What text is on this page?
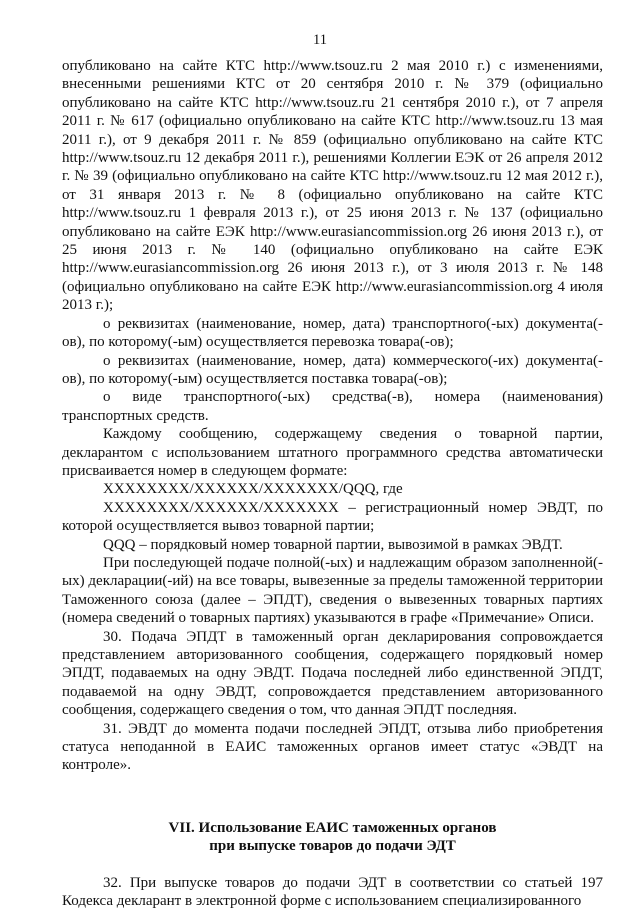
11

опубликовано на сайте КТС http://www.tsouz.ru 2 мая 2010 г.) с изменениями, внесенными решениями КТС от 20 сентября 2010 г. № 379 (официально опубликовано на сайте КТС http://www.tsouz.ru 21 сентября 2010 г.), от 7 апреля 2011 г. № 617 (официально опубликовано на сайте КТС http://www.tsouz.ru 13 мая 2011 г.), от 9 декабря 2011 г. № 859 (официально опубликовано на сайте КТС http://www.tsouz.ru 12 декабря 2011 г.), решениями Коллегии ЕЭК от 26 апреля 2012 г. № 39 (официально опубликовано на сайте КТС http://www.tsouz.ru 12 мая 2012 г.), от 31 января 2013 г. № 8 (официально опубликовано на сайте КТС http://www.tsouz.ru 1 февраля 2013 г.), от 25 июня 2013 г. № 137 (официально опубликовано на сайте ЕЭК http://www.eurasiancommission.org 26 июня 2013 г.), от 25 июня 2013 г. № 140 (официально опубликовано на сайте ЕЭК http://www.eurasiancommission.org 26 июня 2013 г.), от 3 июля 2013 г. № 148 (официально опубликовано на сайте ЕЭК http://www.eurasiancommission.org 4 июля 2013 г.);

о реквизитах (наименование, номер, дата) транспортного(-ых) документа(-ов), по которому(-ым) осуществляется перевозка товара(-ов);

о реквизитах (наименование, номер, дата) коммерческого(-их) документа(-ов), по которому(-ым) осуществляется поставка товара(-ов);

о виде транспортного(-ых) средства(-в), номера (наименования) транспортных средств.

Каждому сообщению, содержащему сведения о товарной партии, декларантом с использованием штатного программного средства автоматически присваивается номер в следующем формате:

XXXXXXXX/XXXXXX/XXXXXXX/QQQ, где

XXXXXXXX/XXXXXX/XXXXXXX – регистрационный номер ЭВДТ, по которой осуществляется вывоз товарной партии;

QQQ – порядковый номер товарной партии, вывозимой в рамках ЭВДТ.

При последующей подаче полной(-ых) и надлежащим образом заполненной(-ых) декларации(-ий) на все товары, вывезенные за пределы таможенной территории Таможенного союза (далее – ЭПДТ), сведения о вывезенных товарных партиях (номера сведений о товарных партиях) указываются в графе «Примечание» Описи.

30. Подача ЭПДТ в таможенный орган декларирования сопровождается представлением авторизованного сообщения, содержащего порядковый номер ЭПДТ, подаваемых на одну ЭВДТ. Подача последней либо единственной ЭПДТ, подаваемой на одну ЭВДТ, сопровождается представлением авторизованного сообщения, содержащего сведения о том, что данная ЭПДТ последняя.

31. ЭВДТ до момента подачи последней ЭПДТ, отзыва либо приобретения статуса неподанной в ЕАИС таможенных органов имеет статус «ЭВДТ на контроле».

VII. Использование ЕАИС таможенных органов

при выпуске товаров до подачи ЭДТ

32. При выпуске товаров до подачи ЭДТ в соответствии со статьей 197 Кодекса декларант в электронной форме с использованием специализированного
